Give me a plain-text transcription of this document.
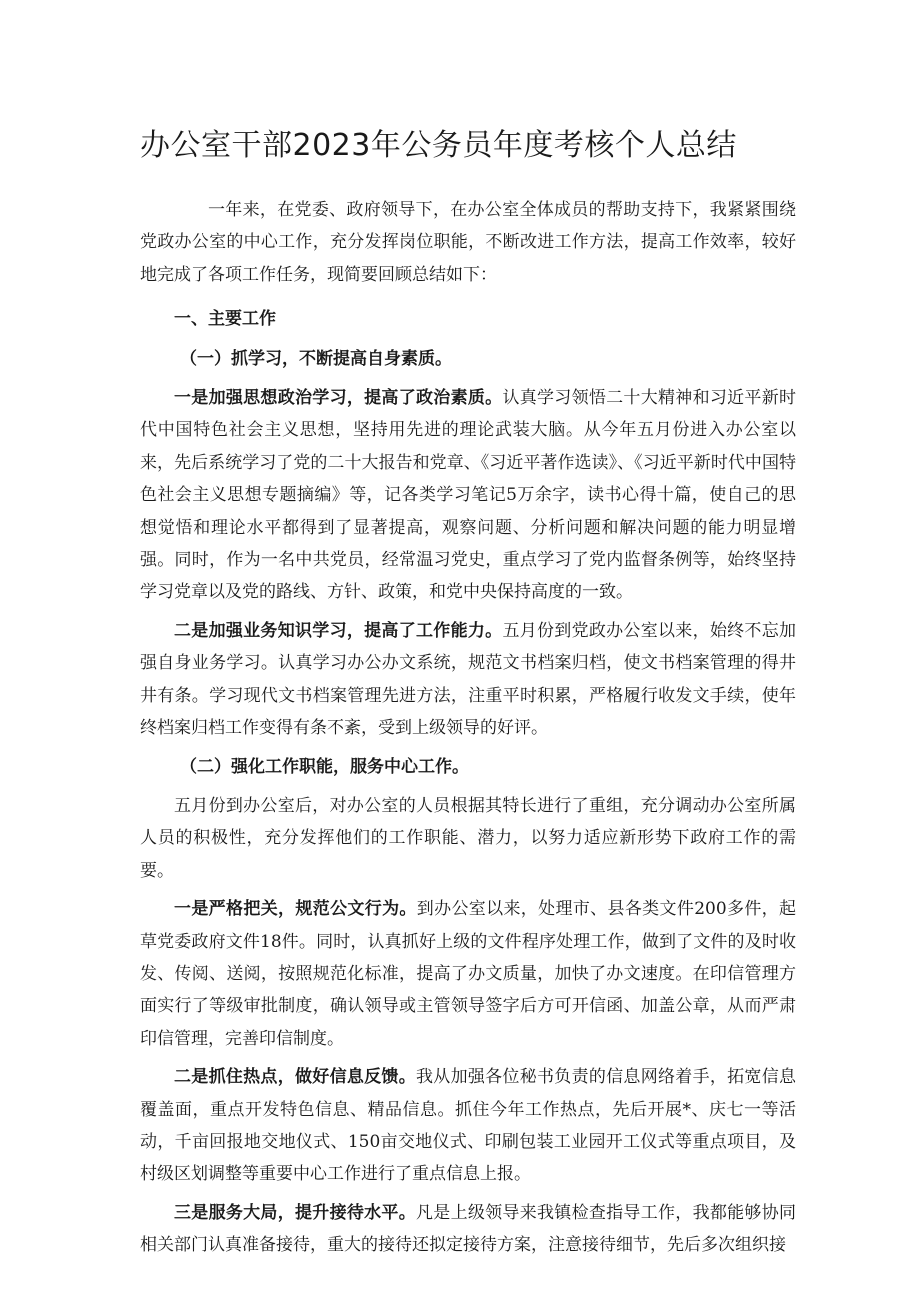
办公室干部2023年公务员年度考核个人总结

一年来，在党委、政府领导下，在办公室全体成员的帮助支持下，我紧紧围绕党政办公室的中心工作，充分发挥岗位职能，不断改进工作方法，提高工作效率，较好地完成了各项工作任务，现简要回顾总结如下：

一、主要工作
（一）抓学习，不断提高自身素质。

一是加强思想政治学习，提高了政治素质。认真学习领悟二十大精神和习近平新时代中国特色社会主义思想，坚持用先进的理论武装大脑。从今年五月份进入办公室以来，先后系统学习了党的二十大报告和党章、《习近平著作选读》、《习近平新时代中国特色社会主义思想专题摘编》等，记各类学习笔记5万余字，读书心得十篇，使自己的思想觉悟和理论水平都得到了显著提高，观察问题、分析问题和解决问题的能力明显增强。同时，作为一名中共党员，经常温习党史，重点学习了党内监督条例等，始终坚持学习党章以及党的路线、方针、政策，和党中央保持高度的一致。

二是加强业务知识学习，提高了工作能力。五月份到党政办公室以来，始终不忘加强自身业务学习。认真学习办公办文系统，规范文书档案归档，使文书档案管理的得井井有条。学习现代文书档案管理先进方法，注重平时积累，严格履行收发文手续，使年终档案归档工作变得有条不紊，受到上级领导的好评。

（二）强化工作职能，服务中心工作。

五月份到办公室后，对办公室的人员根据其特长进行了重组，充分调动办公室所属人员的积极性，充分发挥他们的工作职能、潜力，以努力适应新形势下政府工作的需要。

一是严格把关，规范公文行为。到办公室以来，处理市、县各类文件200多件，起草党委政府文件18件。同时，认真抓好上级的文件程序处理工作，做到了文件的及时收发、传阅、送阅，按照规范化标准，提高了办文质量，加快了办文速度。在印信管理方面实行了等级审批制度，确认领导或主管领导签字后方可开信函、加盖公章，从而严肃印信管理，完善印信制度。

二是抓住热点，做好信息反馈。我从加强各位秘书负责的信息网络着手，拓宽信息覆盖面，重点开发特色信息、精品信息。抓住今年工作热点，先后开展*、庆七一等活动，千亩回报地交地仪式、150亩交地仪式、印刷包装工业园开工仪式等重点项目，及村级区划调整等重要中心工作进行了重点信息上报。

三是服务大局，提升接待水平。凡是上级领导来我镇检查指导工作，我都能够协同相关部门认真准备接待，重大的接待还拟定接待方案，注意接待细节，先后多次组织接
